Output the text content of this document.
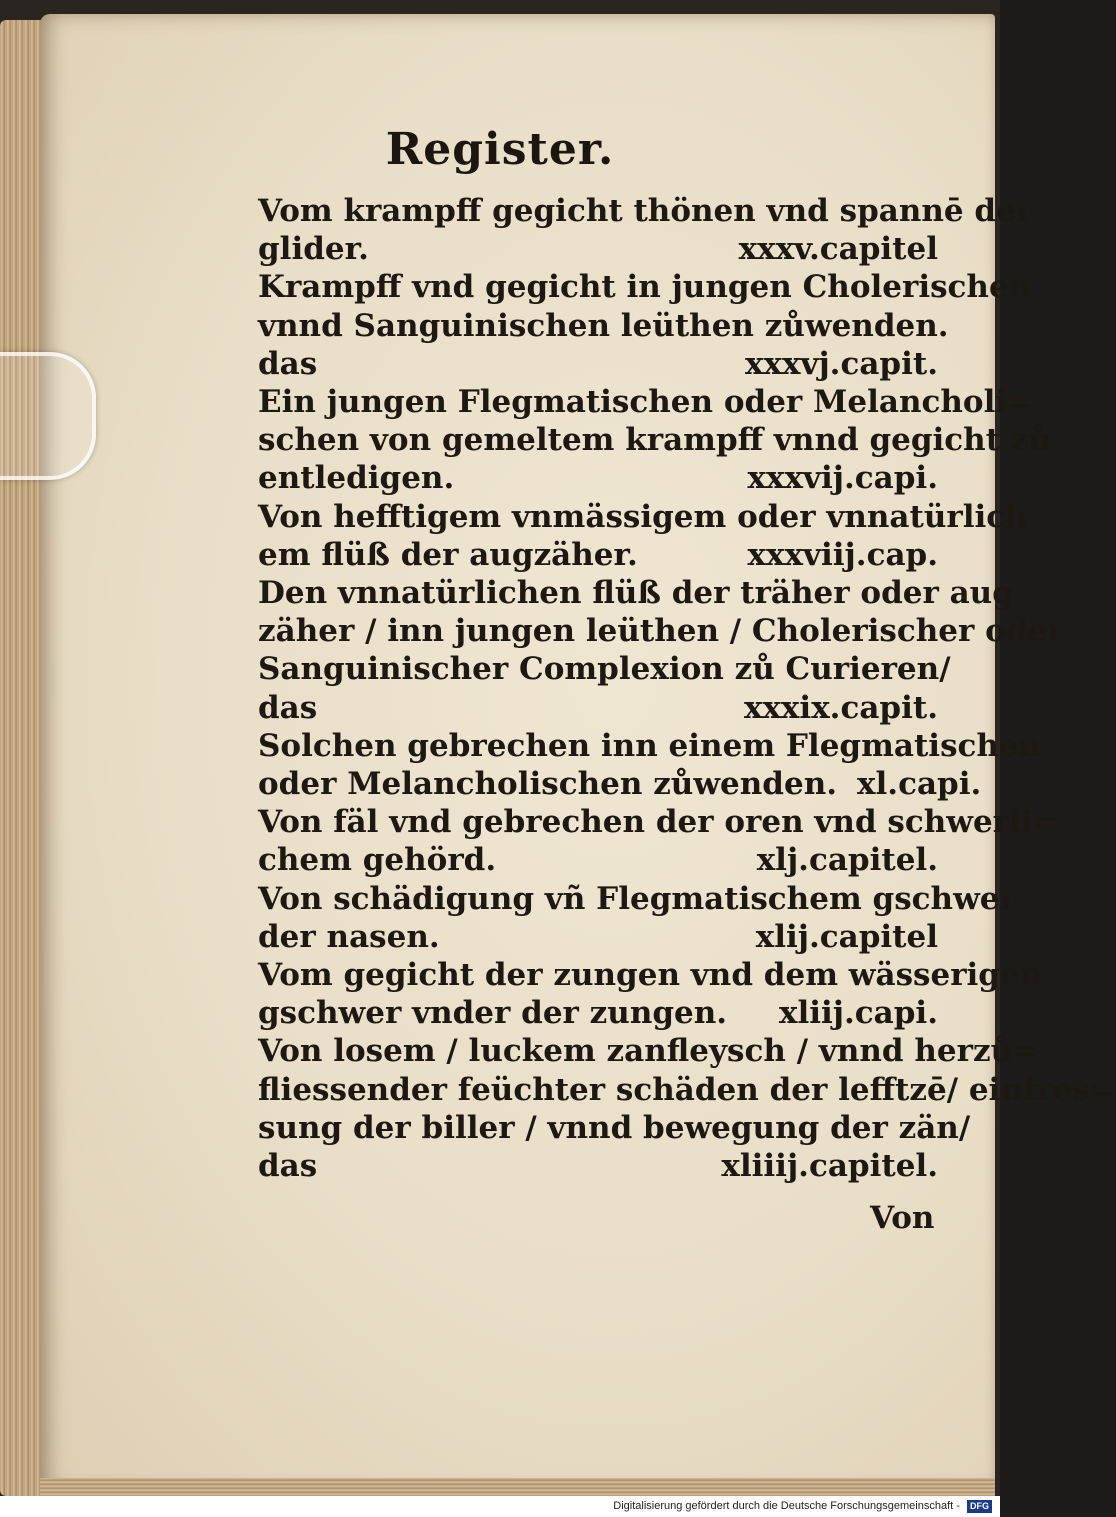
Register.
Vom krampff gegicht thönen vnd spannē der
glider.	xxxv.capitel
Krampff vnd gegicht in jungen Cholerischen
vnnd Sanguinischen leüthen zůwenden.
das	xxxvj.capit.
Ein jungen Flegmatischen oder Melancholi=
schen von gemeltem krampff vnnd gegicht zů
entledigen.	xxxvij.capi.
Von hefftigem vnmässigem oder vnnatürlich
em flüß der augzäher.	xxxviij.cap.
Den vnnatürlichen flüß der träher oder aug
zäher / inn jungen leüthen / Cholerischer oder
Sanguinischer Complexion zů Curieren/
das	xxxix.capit.
Solchen gebrechen inn einem Flegmatischen
oder Melancholischen zůwenden. xl.capi.
Von fäl vnd gebrechen der oren vnd schwerli=
chem gehörd.	xlj.capitel.
Von schädigung vñ Flegmatischem gschwer
der nasen.	xlij.capitel
Vom gegicht der zungen vnd dem wässerigen
gschwer vnder der zungen. xliij.capi.
Von losem / luckem zanfleysch / vnnd herzů=
fliessender feüchter schäden der lefftzē/ einfres=
sung der biller / vnnd bewegung der zän/
das	xliiij.capitel.
Von
Digitalisierung gefördert durch die Deutsche Forschungsgemeinschaft - DFG
